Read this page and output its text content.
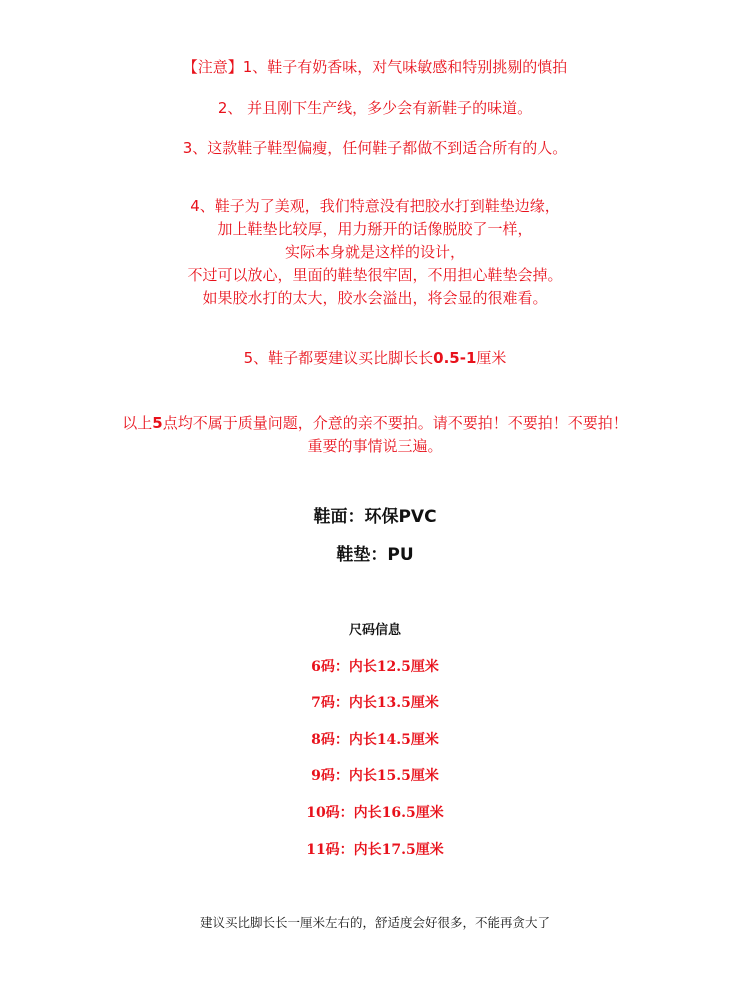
【注意】1、鞋子有奶香味，对气味敏感和特别挑剔的慎拍
2、 并且刚下生产线，多少会有新鞋子的味道。
3、这款鞋子鞋型偏瘦，任何鞋子都做不到适合所有的人。
4、鞋子为了美观，我们特意没有把胶水打到鞋垫边缘，
加上鞋垫比较厚，用力掰开的话像脱胶了一样，
实际本身就是这样的设计，
不过可以放心，里面的鞋垫很牢固，不用担心鞋垫会掉。
如果胶水打的太大，胶水会溢出，将会显的很难看。
5、鞋子都要建议买比脚长长0.5-1厘米
以上5点均不属于质量问题，介意的亲不要拍。请不要拍！不要拍！不要拍！
重要的事情说三遍。
鞋面：环保PVC
鞋垫：PU
尺码信息
6码：内长12.5厘米
7码：内长13.5厘米
8码：内长14.5厘米
9码：内长15.5厘米
10码：内长16.5厘米
11码：内长17.5厘米
建议买比脚长长一厘米左右的，舒适度会好很多，不能再贪大了
